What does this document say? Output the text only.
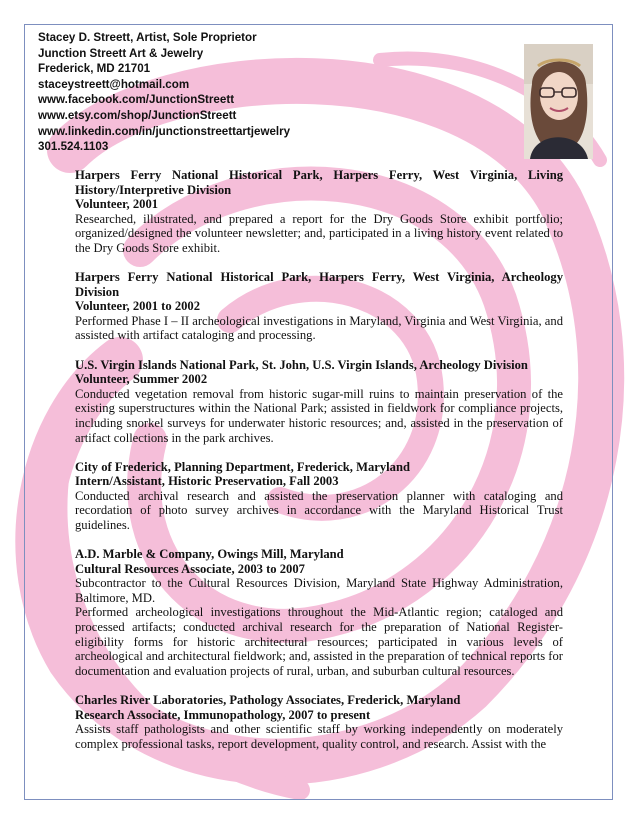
Stacey D. Streett, Artist, Sole Proprietor
Junction Streett Art & Jewelry
Frederick, MD 21701
staceystreett@hotmail.com
www.facebook.com/JunctionStreett
www.etsy.com/shop/JunctionStreett
www.linkedin.com/in/junctionstreettartjewelry
301.524.1103
Harpers Ferry National Historical Park, Harpers Ferry, West Virginia, Living History/Interpretive Division
Volunteer, 2001

Researched, illustrated, and prepared a report for the Dry Goods Store exhibit portfolio; organized/designed the volunteer newsletter; and, participated in a living history event related to the Dry Goods Store exhibit.

Harpers Ferry National Historical Park, Harpers Ferry, West Virginia, Archeology Division
Volunteer, 2001 to 2002

Performed Phase I – II archeological investigations in Maryland, Virginia and West Virginia, and assisted with artifact cataloging and processing.

U.S. Virgin Islands National Park, St. John, U.S. Virgin Islands, Archeology Division
Volunteer, Summer 2002

Conducted vegetation removal from historic sugar-mill ruins to maintain preservation of the existing superstructures within the National Park; assisted in fieldwork for compliance projects, including snorkel surveys for underwater historic resources; and, assisted in the preservation of artifact collections in the park archives.

City of Frederick, Planning Department, Frederick, Maryland
Intern/Assistant, Historic Preservation, Fall 2003

Conducted archival research and assisted the preservation planner with cataloging and recordation of photo survey archives in accordance with the Maryland Historical Trust guidelines.

A.D. Marble & Company, Owings Mill, Maryland
Cultural Resources Associate, 2003 to 2007

Subcontractor to the Cultural Resources Division, Maryland State Highway Administration, Baltimore, MD.

Performed archeological investigations throughout the Mid-Atlantic region; cataloged and processed artifacts; conducted archival research for the preparation of National Register-eligibility forms for historic architectural resources; participated in various levels of archeological and architectural fieldwork; and, assisted in the preparation of technical reports for documentation and evaluation projects of rural, urban, and suburban cultural resources.

Charles River Laboratories, Pathology Associates, Frederick, Maryland
Research Associate, Immunopathology, 2007 to present

Assists staff pathologists and other scientific staff by working independently on moderately complex professional tasks, report development, quality control, and research. Assist with the
